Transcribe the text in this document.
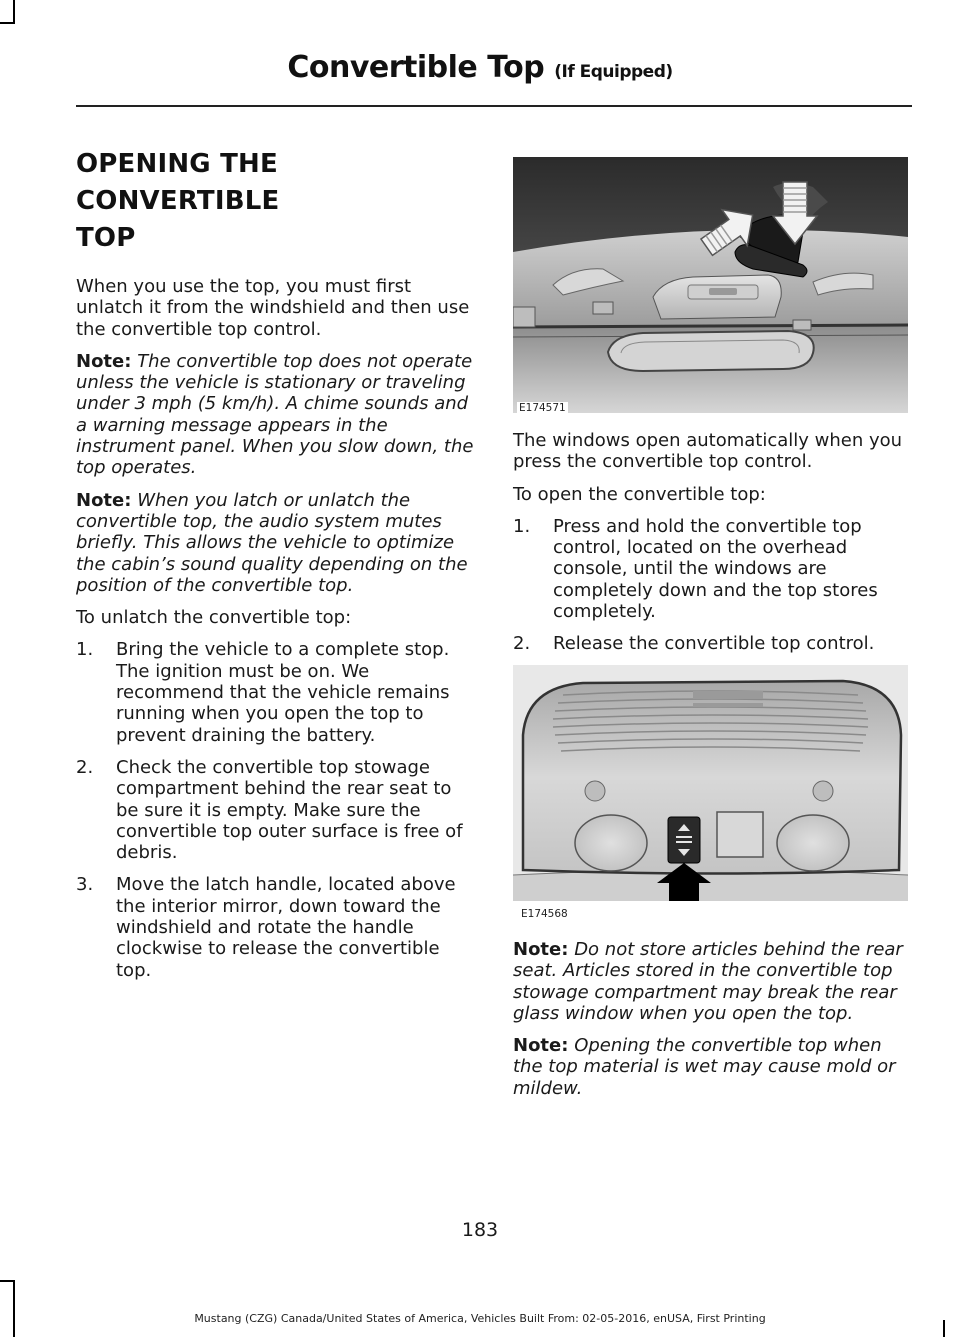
Convertible Top (If Equipped)
OPENING THE CONVERTIBLE
TOP

When you use the top, you must first unlatch it from the windshield and then use the convertible top control.

Note: The convertible top does not operate unless the vehicle is stationary or traveling under 3 mph (5 km/h). A chime sounds and a warning message appears in the instrument panel. When you slow down, the top operates.

Note: When you latch or unlatch the convertible top, the audio system mutes briefly. This allows the vehicle to optimize the cabin’s sound quality depending on the position of the convertible top.

To unlatch the convertible top:

1. Bring the vehicle to a complete stop. The ignition must be on. We recommend that the vehicle remains running when you open the top to prevent draining the battery.
2. Check the convertible top stowage compartment behind the rear seat to be sure it is empty. Make sure the convertible top outer surface is free of debris.
3. Move the latch handle, located above the interior mirror, down toward the windshield and rotate the handle clockwise to release the convertible top.
E174571

The windows open automatically when you press the convertible top control.

To open the convertible top:

1. Press and hold the convertible top control, located on the overhead console, until the windows are completely down and the top stores completely.
2. Release the convertible top control.
E174568

Note: Do not store articles behind the rear seat. Articles stored in the convertible top stowage compartment may break the rear glass window when you open the top.

Note: Opening the convertible top when the top material is wet may cause mold or mildew.

183
Mustang (CZG) Canada/United States of America, Vehicles Built From: 02-05-2016, enUSA, First Printing
